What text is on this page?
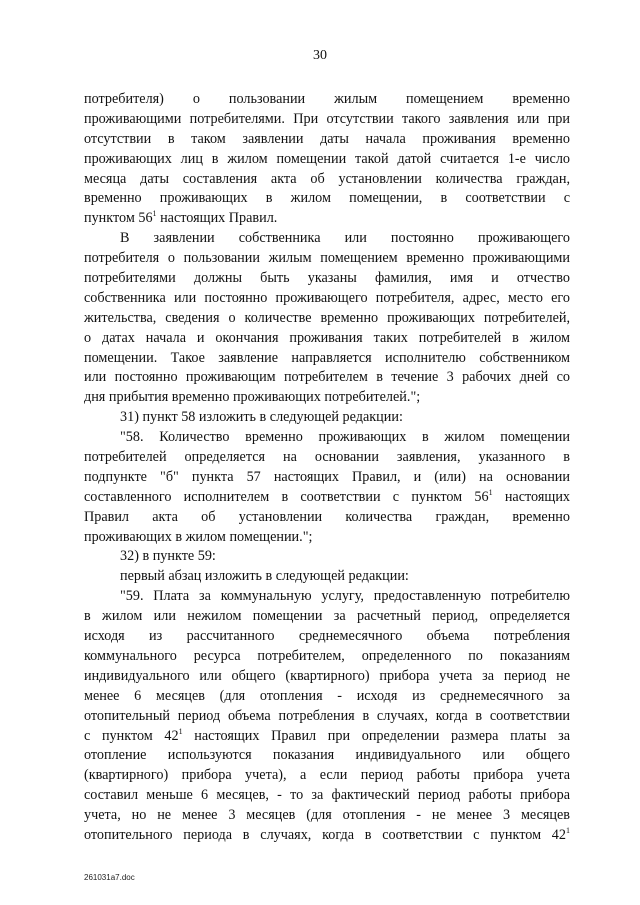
30
потребителя) о пользовании жилым помещением временно
проживающими потребителями. При отсутствии такого заявления или при
отсутствии в таком заявлении даты начала проживания временно
проживающих лиц в жилом помещении такой датой считается 1-е число
месяца даты составления акта об установлении количества граждан,
временно проживающих в жилом помещении, в соответствии с
пунктом $56^1$ настоящих Правил.
В заявлении собственника или постоянно проживающего
потребителя о пользовании жилым помещением временно проживающими
потребителями должны быть указаны фамилия, имя и отчество
собственника или постоянно проживающего потребителя, адрес, место его
жительства, сведения о количестве временно проживающих потребителей,
о датах начала и окончания проживания таких потребителей в жилом
помещении. Такое заявление направляется исполнителю собственником
или постоянно проживающим потребителем в течение 3 рабочих дней со
дня прибытия временно проживающих потребителей.";
31) пункт 58 изложить в следующей редакции:
"58. Количество временно проживающих в жилом помещении
потребителей определяется на основании заявления, указанного в
подпункте "б" пункта 57 настоящих Правил, и (или) на основании
составленного исполнителем в соответствии с пунктом $56^1$ настоящих
Правил акта об установлении количества граждан, временно
проживающих в жилом помещении.";
32) в пункте 59:
первый абзац изложить в следующей редакции:
"59. Плата за коммунальную услугу, предоставленную потребителю
в жилом или нежилом помещении за расчетный период, определяется
исходя из рассчитанного среднемесячного объема потребления
коммунального ресурса потребителем, определенного по показаниям
индивидуального или общего (квартирного) прибора учета за период не
менее 6 месяцев (для отопления - исходя из среднемесячного за
отопительный период объема потребления в случаях, когда в соответствии
с пунктом $42^1$ настоящих Правил при определении размера платы за
отопление используются показания индивидуального или общего
(квартирного) прибора учета), а если период работы прибора учета
составил меньше 6 месяцев, - то за фактический период работы прибора
учета, но не менее 3 месяцев (для отопления - не менее 3 месяцев
отопительного периода в случаях, когда в соответствии с пунктом $42^1$
261031a7.doc
